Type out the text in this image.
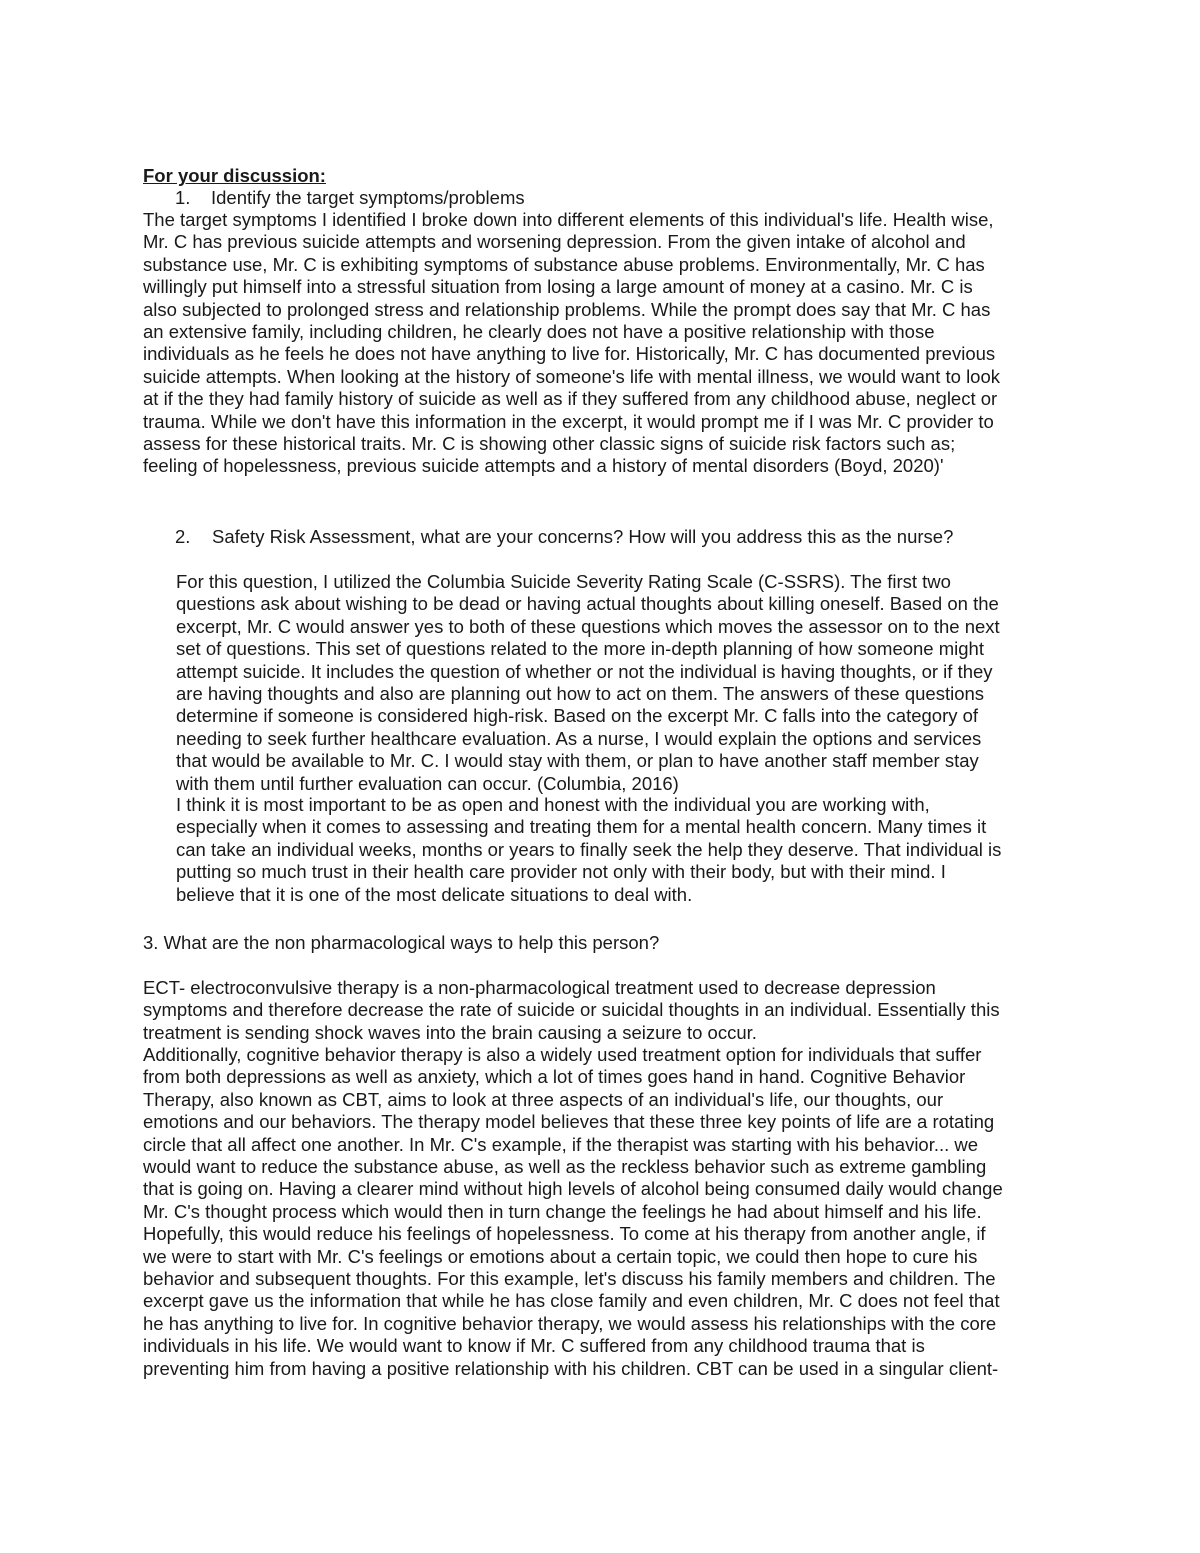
For your discussion:
1. Identify the target symptoms/problems
The target symptoms I identified I broke down into different elements of this individual's life. Health wise,
Mr. C has previous suicide attempts and worsening depression. From the given intake of alcohol and
substance use, Mr. C is exhibiting symptoms of substance abuse problems. Environmentally, Mr. C has
willingly put himself into a stressful situation from losing a large amount of money at a casino. Mr. C is
also subjected to prolonged stress and relationship problems. While the prompt does say that Mr. C has
an extensive family, including children, he clearly does not have a positive relationship with those
individuals as he feels he does not have anything to live for. Historically, Mr. C has documented previous
suicide attempts. When looking at the history of someone's life with mental illness, we would want to look
at if the they had family history of suicide as well as if they suffered from any childhood abuse, neglect or
trauma. While we don't have this information in the excerpt, it would prompt me if I was Mr. C provider to
assess for these historical traits. Mr. C is showing other classic signs of suicide risk factors such as;
feeling of hopelessness, previous suicide attempts and a history of mental disorders (Boyd, 2020)'
2. Safety Risk Assessment, what are your concerns? How will you address this as the nurse?
For this question, I utilized the Columbia Suicide Severity Rating Scale (C-SSRS). The first two
questions ask about wishing to be dead or having actual thoughts about killing oneself. Based on the
excerpt, Mr. C would answer yes to both of these questions which moves the assessor on to the next
set of questions. This set of questions related to the more in-depth planning of how someone might
attempt suicide. It includes the question of whether or not the individual is having thoughts, or if they
are having thoughts and also are planning out how to act on them. The answers of these questions
determine if someone is considered high-risk. Based on the excerpt Mr. C falls into the category of
needing to seek further healthcare evaluation. As a nurse, I would explain the options and services
that would be available to Mr. C. I would stay with them, or plan to have another staff member stay
with them until further evaluation can occur. (Columbia, 2016)
I think it is most important to be as open and honest with the individual you are working with,
especially when it comes to assessing and treating them for a mental health concern. Many times it
can take an individual weeks, months or years to finally seek the help they deserve. That individual is
putting so much trust in their health care provider not only with their body, but with their mind. I
believe that it is one of the most delicate situations to deal with.
3. What are the non pharmacological ways to help this person?
ECT- electroconvulsive therapy is a non-pharmacological treatment used to decrease depression
symptoms and therefore decrease the rate of suicide or suicidal thoughts in an individual. Essentially this
treatment is sending shock waves into the brain causing a seizure to occur.
Additionally, cognitive behavior therapy is also a widely used treatment option for individuals that suffer
from both depressions as well as anxiety, which a lot of times goes hand in hand. Cognitive Behavior
Therapy, also known as CBT, aims to look at three aspects of an individual's life, our thoughts, our
emotions and our behaviors. The therapy model believes that these three key points of life are a rotating
circle that all affect one another. In Mr. C's example, if the therapist was starting with his behavior... we
would want to reduce the substance abuse, as well as the reckless behavior such as extreme gambling
that is going on. Having a clearer mind without high levels of alcohol being consumed daily would change
Mr. C's thought process which would then in turn change the feelings he had about himself and his life.
Hopefully, this would reduce his feelings of hopelessness. To come at his therapy from another angle, if
we were to start with Mr. C's feelings or emotions about a certain topic, we could then hope to cure his
behavior and subsequent thoughts. For this example, let's discuss his family members and children. The
excerpt gave us the information that while he has close family and even children, Mr. C does not feel that
he has anything to live for. In cognitive behavior therapy, we would assess his relationships with the core
individuals in his life. We would want to know if Mr. C suffered from any childhood trauma that is
preventing him from having a positive relationship with his children. CBT can be used in a singular client-
